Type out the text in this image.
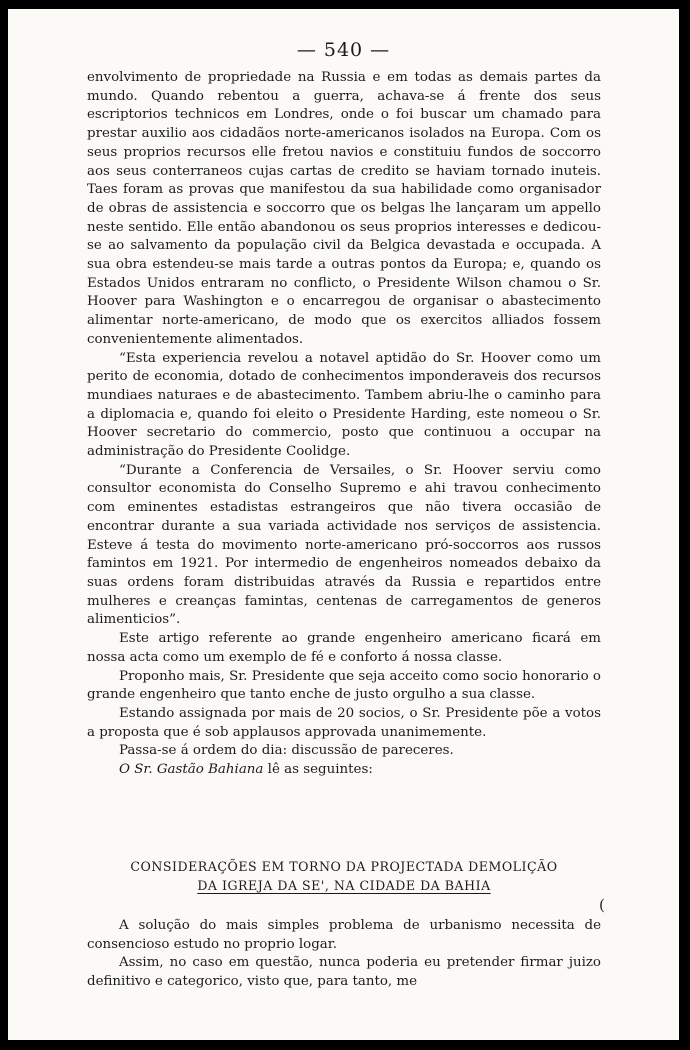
— 540 —

envolvimento de propriedade na Russia e em todas as demais partes da mundo. Quando rebentou a guerra, achava-se á frente dos seus escriptorios technicos em Londres, onde o foi buscar um chamado para prestar auxilio aos cidadãos norte-americanos isolados na Europa. Com os seus proprios recursos elle fretou navios e constituiu fundos de soccorro aos seus conterraneos cujas cartas de credito se haviam tornado inuteis. Taes foram as provas que manifestou da sua habilidade como organisador de obras de assistencia e soccorro que os belgas lhe lançaram um appello neste sentido. Elle então abandonou os seus proprios interesses e dedicou-se ao salvamento da população civil da Belgica devastada e occupada. A sua obra estendeu-se mais tarde a outras pontos da Europa; e, quando os Estados Unidos entraram no conflicto, o Presidente Wilson chamou o Sr. Hoover para Washington e o encarregou de organisar o abastecimento alimentar norte-americano, de modo que os exercitos alliados fossem convenientemente alimentados.

“Esta experiencia revelou a notavel aptidão do Sr. Hoover como um perito de economia, dotado de conhecimentos imponderaveis dos recursos mundiaes naturaes e de abastecimento. Tambem abriu-lhe o caminho para a diplomacia e, quando foi eleito o Presidente Harding, este nomeou o Sr. Hoover secretario do commercio, posto que continuou a occupar na administração do Presidente Coolidge.

“Durante a Conferencia de Versailes, o Sr. Hoover serviu como consultor economista do Conselho Supremo e ahi travou conhecimento com eminentes estadistas estrangeiros que não tivera occasião de encontrar durante a sua variada actividade nos serviços de assistencia. Esteve á testa do movimento norte-americano pró-soccorros aos russos famintos em 1921. Por intermedio de engenheiros nomeados debaixo da suas ordens foram distribuidas através da Russia e repartidos entre mulheres e creanças famintas, centenas de carregamentos de generos alimenticios”.

Este artigo referente ao grande engenheiro americano ficará em nossa acta como um exemplo de fé e conforto á nossa classe.

Proponho mais, Sr. Presidente que seja acceito como socio honorario o grande engenheiro que tanto enche de justo orgulho a sua classe.

Estando assignada por mais de 20 socios, o Sr. Presidente põe a votos a proposta que é sob applausos approvada unanimemente.

Passa-se á ordem do dia: discussão de pareceres.

O Sr. Gastão Bahiana lê as seguintes:

CONSIDERAÇÕES EM TORNO DA PROJECTADA DEMOLIÇÃO
DA IGREJA DA SE', NA CIDADE DA BAHIA
(

A solução do mais simples problema de urbanismo necessita de consencioso estudo no proprio logar.

Assim, no caso em questão, nunca poderia eu pretender firmar juizo definitivo e categorico, visto que, para tanto, me
